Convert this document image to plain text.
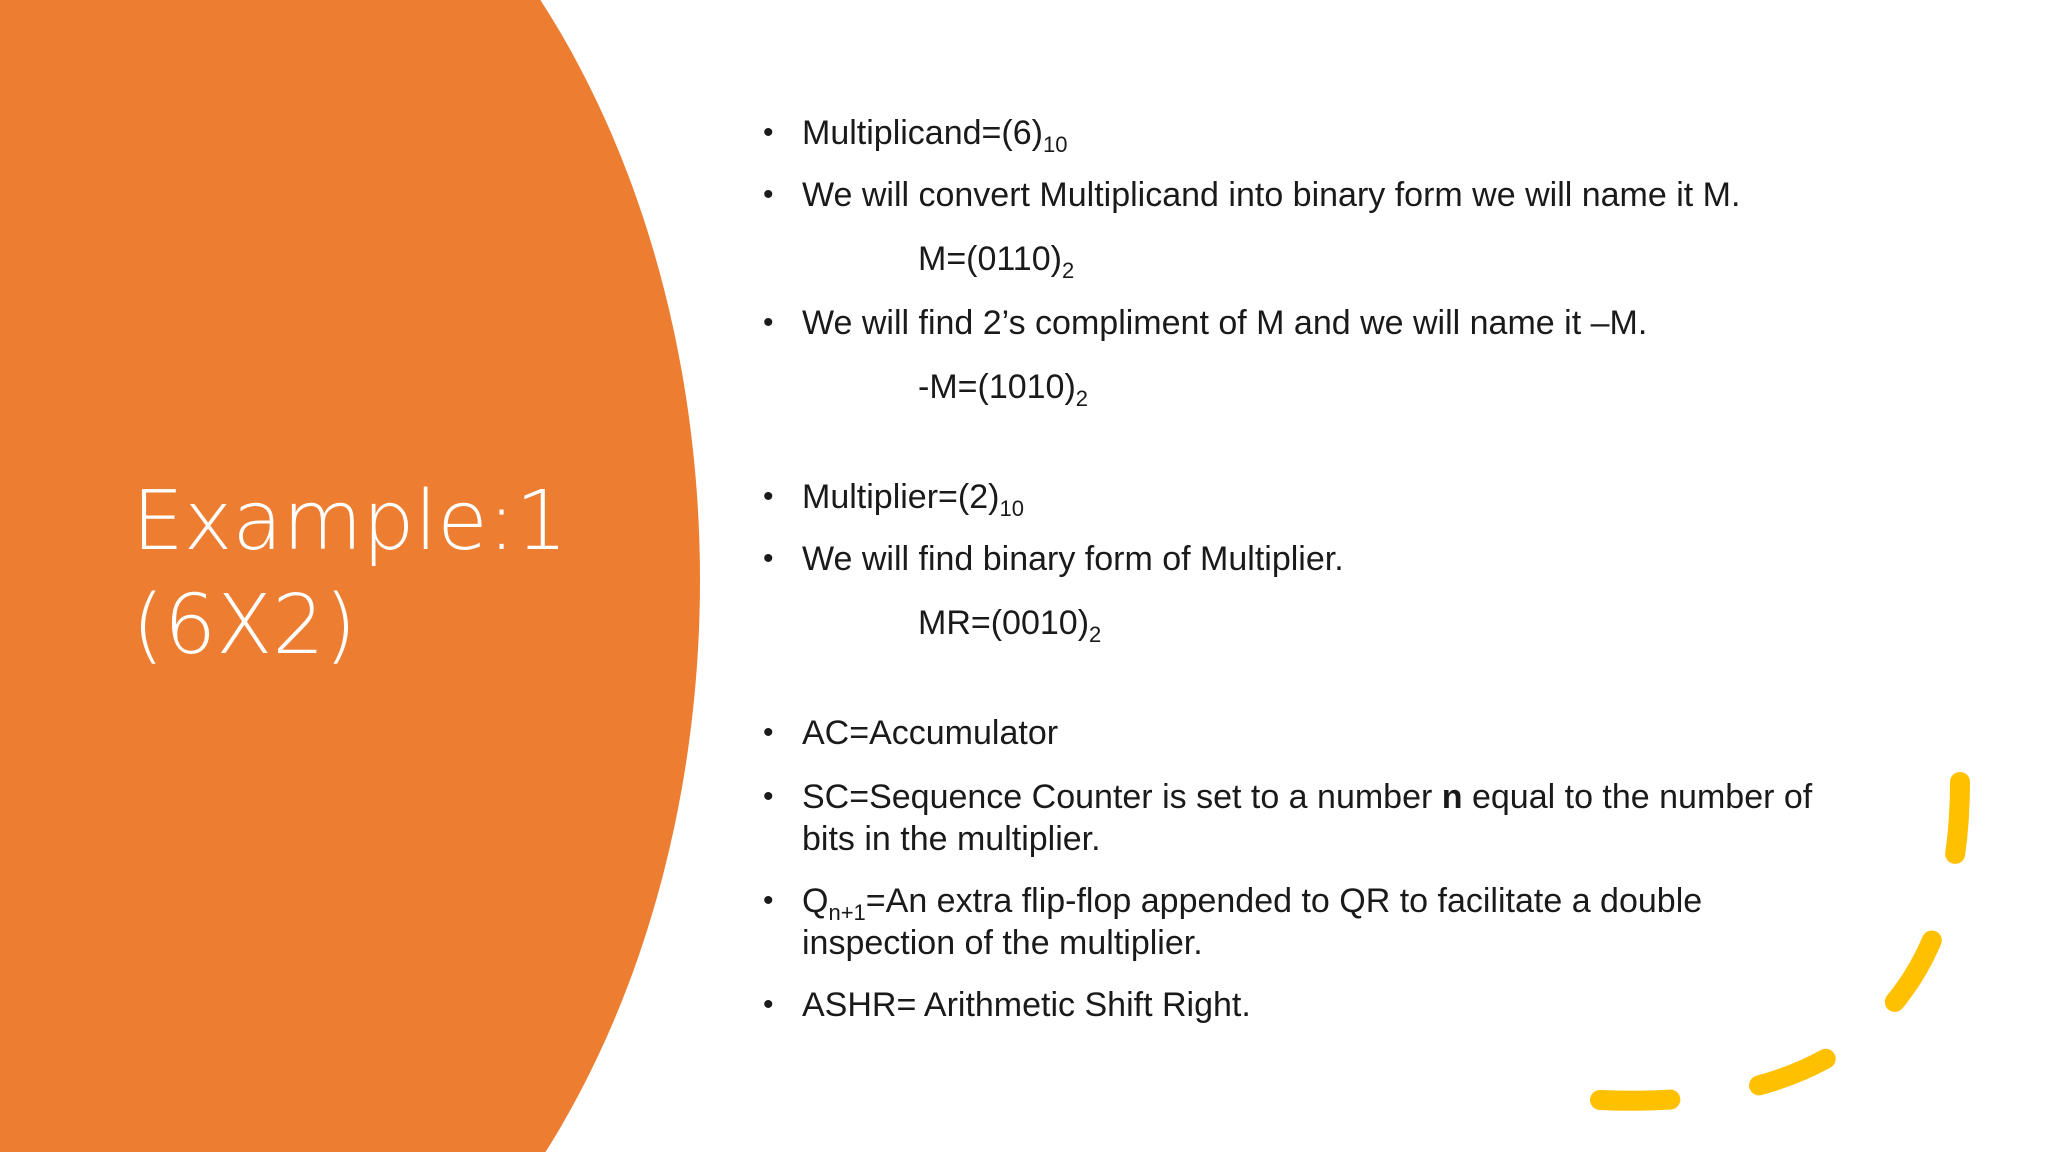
Example:1
(6X2)
• $Multiplicand=(6)_{10}$
• We will convert Multiplicand into binary form we will name it M.
$M=(0110)_2$
• We will find 2’s compliment of M and we will name it –M.
$-M=(1010)_2$
• $Multiplier=(2)_{10}$
• We will find binary form of Multiplier.
$MR=(0010)_2$
• AC=Accumulator
• SC=Sequence Counter is set to a number n equal to the number of
bits in the multiplier.
• $Q_{n+1}=An$ extra flip-flop appended to QR to facilitate a double
inspection of the multiplier.
• ASHR= Arithmetic Shift Right.
